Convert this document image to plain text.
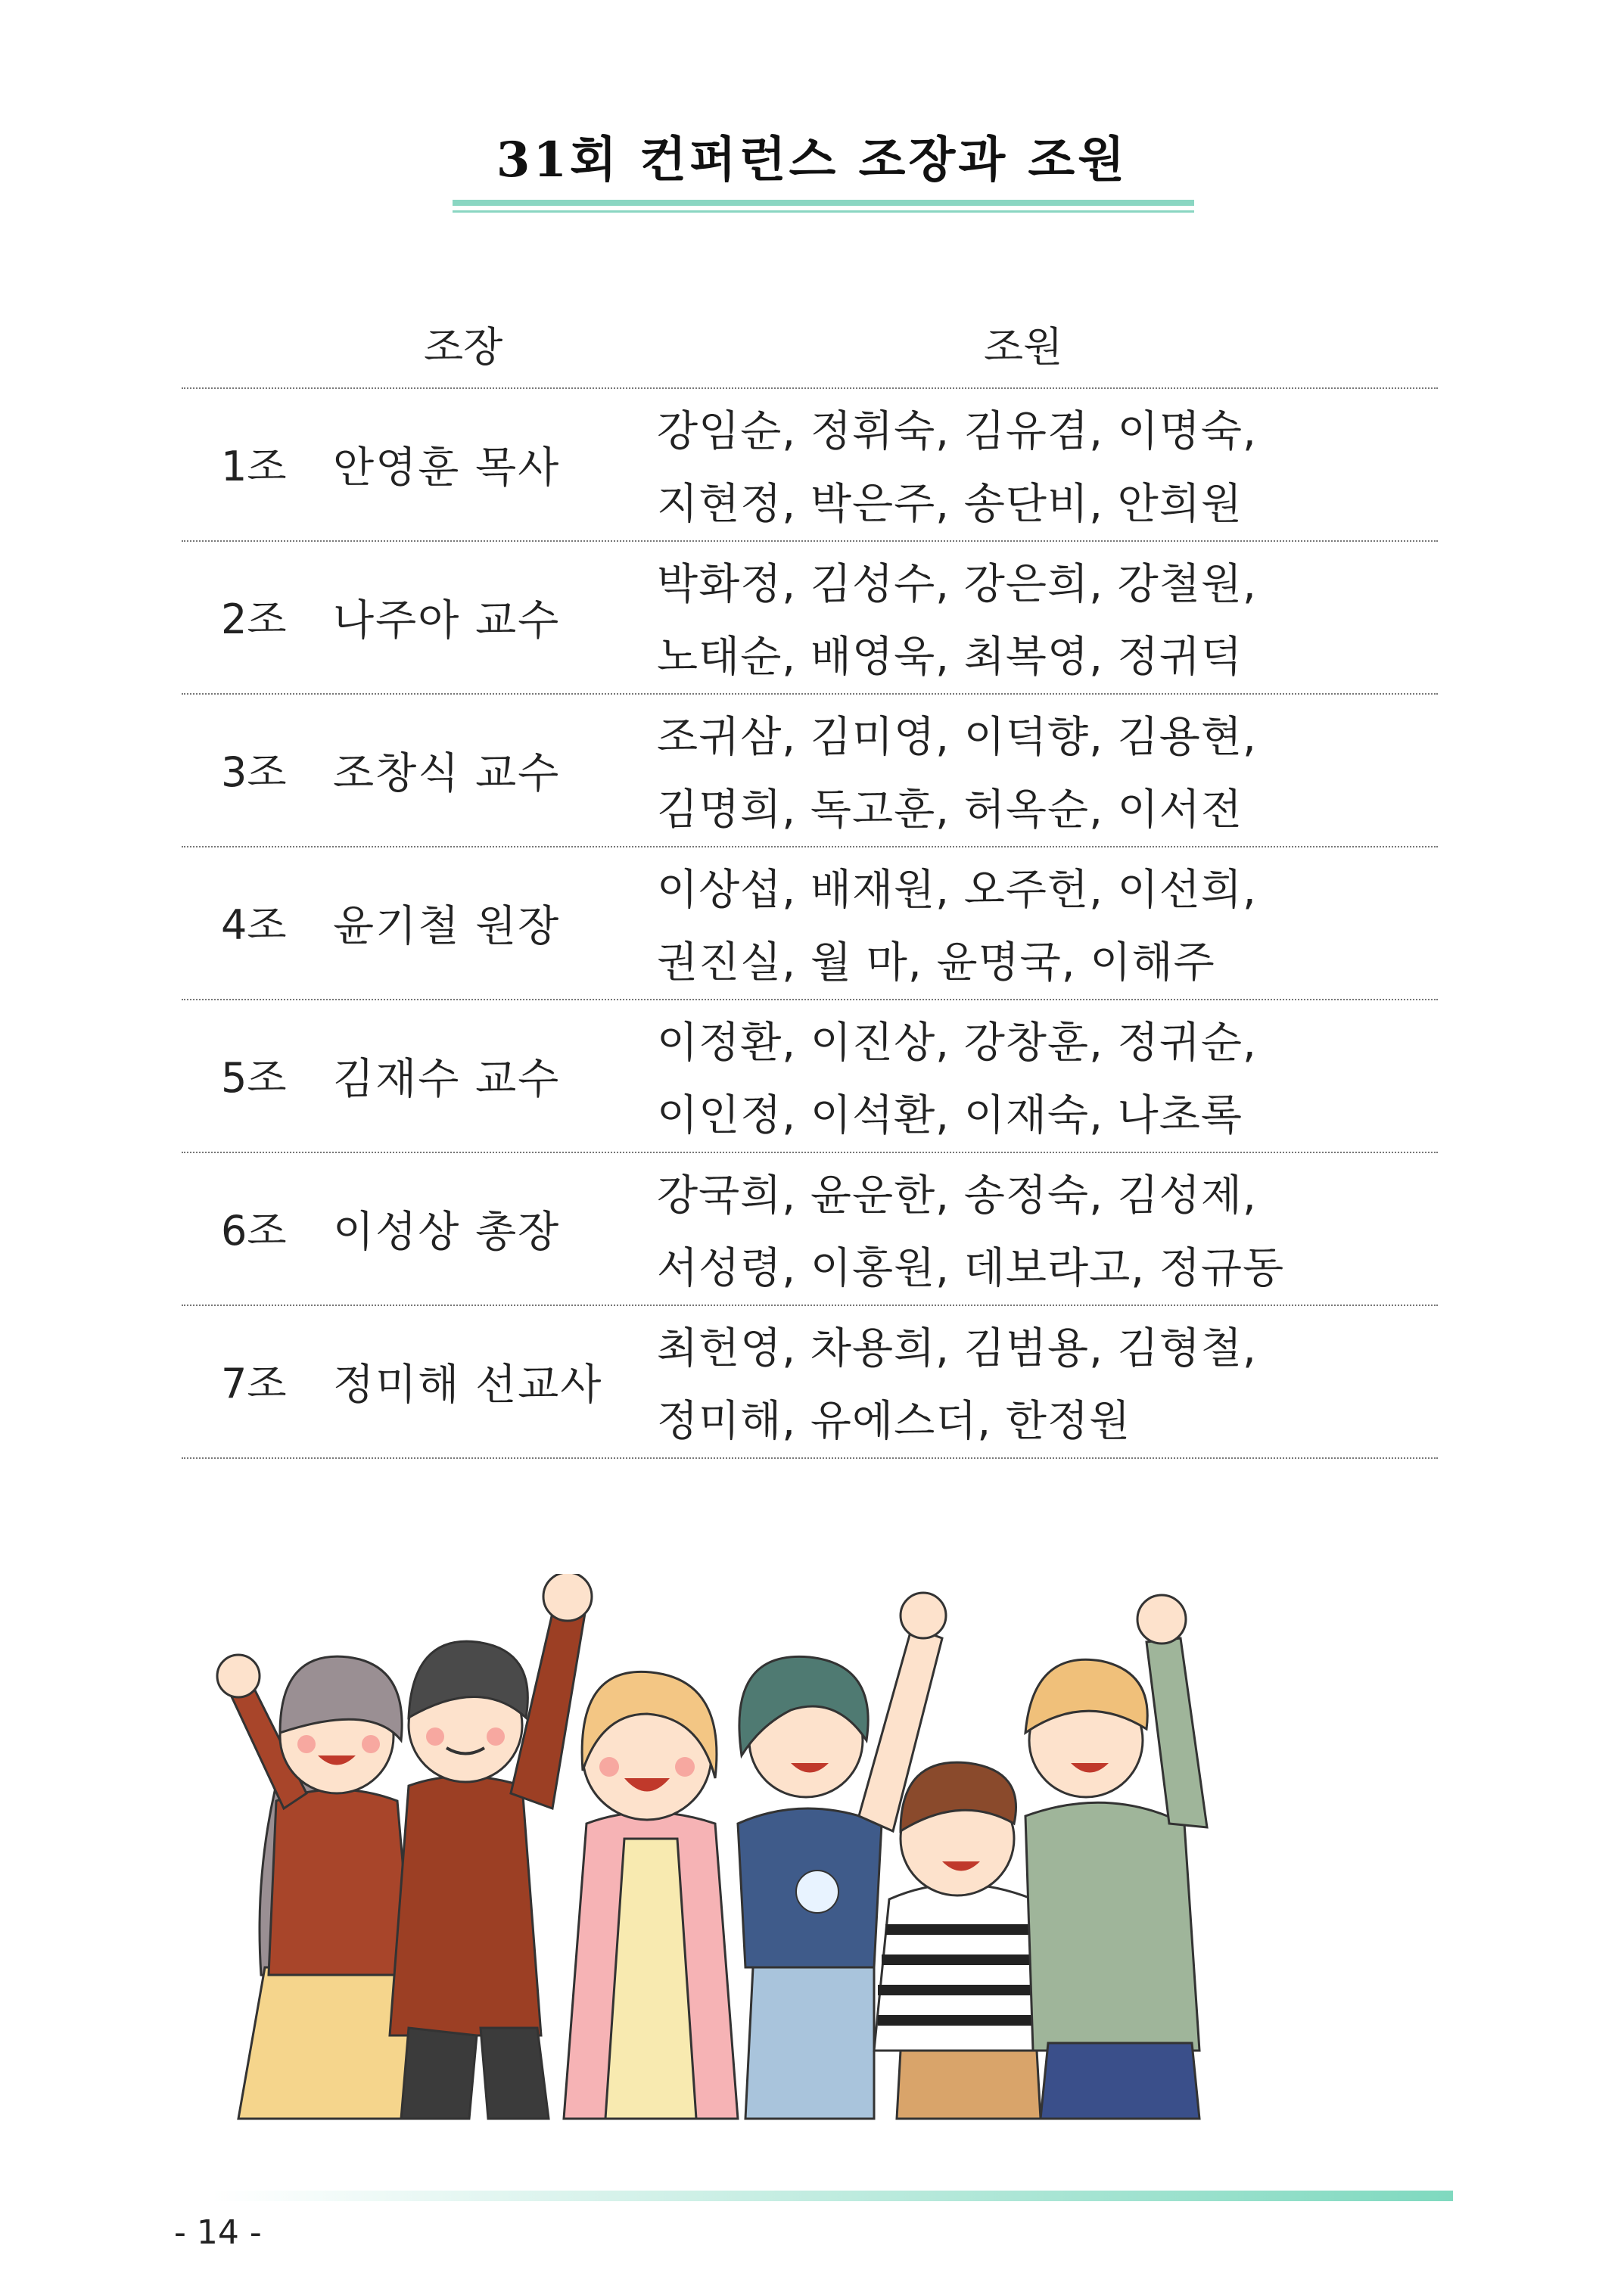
31회 컨퍼런스 조장과 조원
조장	조원
1조 안영훈 목사
강임순, 정휘숙, 김유겸, 이명숙,
지현정, 박은주, 송단비, 안희원
2조 나주아 교수
박화정, 김성수, 강은희, 강철원,
노태순, 배영욱, 최복영, 정귀덕
3조 조창식 교수
조귀삼, 김미영, 이덕향, 김용현,
김명희, 독고훈, 허옥순, 이서전
4조 윤기철 원장
이상섭, 배재원, 오주헌, 이선희,
권진실, 월 마, 윤명국, 이해주
5조 김재수 교수
이정환, 이진상, 강창훈, 정귀순,
이인정, 이석환, 이재숙, 나초록
6조 이성상 총장
강국희, 윤운한, 송정숙, 김성제,
서성령, 이홍원, 데보라고, 정규동
7조 정미해 선교사
최헌영, 차용희, 김범용, 김형철,
정미해, 유에스더, 한정원
- 14 -
